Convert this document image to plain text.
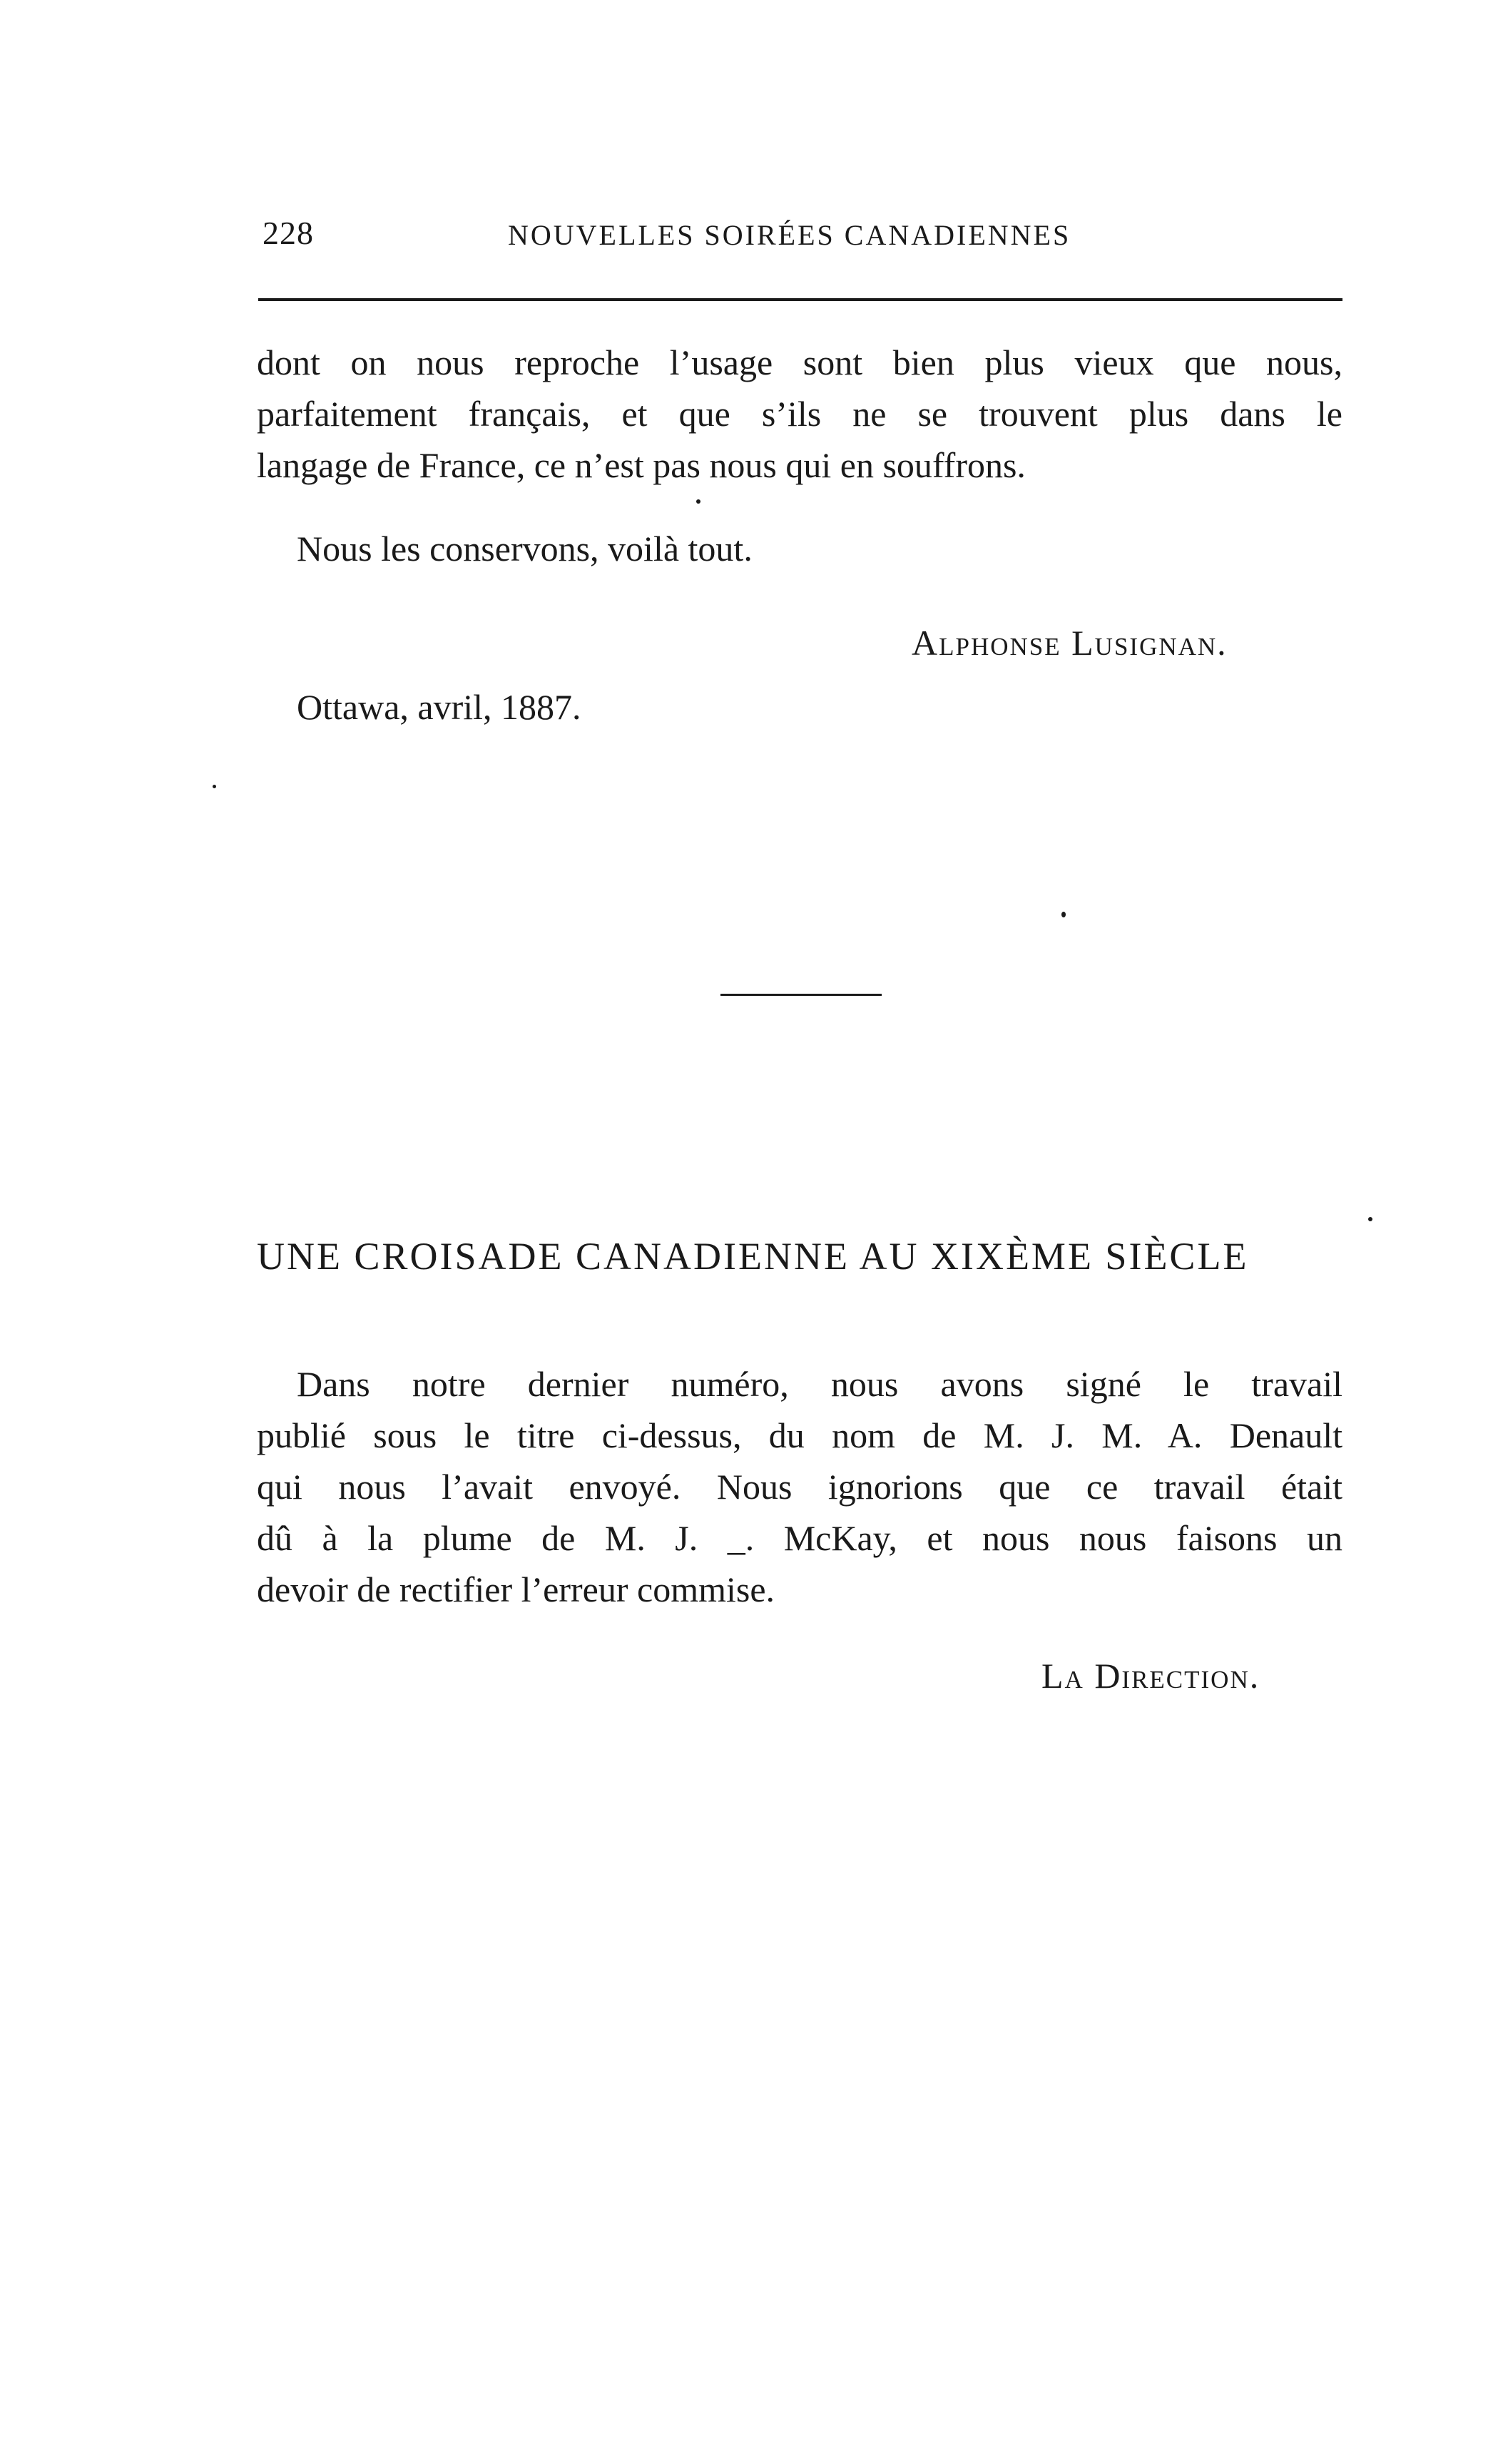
228	NOUVELLES SOIRÉES CANADIENNES
dont on nous reproche l’usage sont bien plus vieux que nous,
parfaitement français, et que s’ils ne se trouvent plus dans le
langage de France, ce n’est pas nous qui en souffrons.
Nous les conservons, voilà tout.
Alphonse Lusignan.
Ottawa, avril, 1887.
UNE CROISADE CANADIENNE AU XIXÈME SIÈCLE
Dans notre dernier numéro, nous avons signé le travail
publié sous le titre ci-dessus, du nom de M. J. M. A. Denault
qui nous l’avait envoyé. Nous ignorions que ce travail était
dû à la plume de M. J. _. McKay, et nous nous faisons un
devoir de rectifier l’erreur commise.
La Direction.
